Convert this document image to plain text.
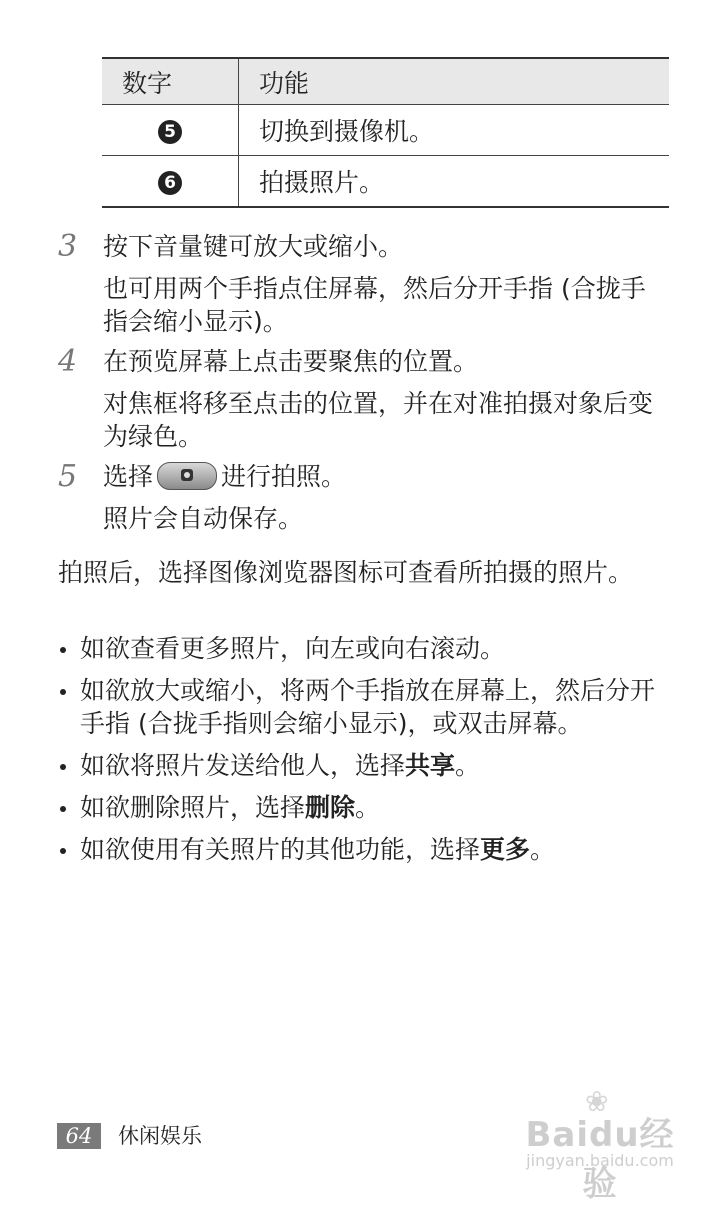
数字	功能
5	切换到摄像机。
6	拍摄照片。
3 按下音量键可放大或缩小。

也可用两个手指点住屏幕，然后分开手指 (合拢手指会缩小显示)。

4 在预览屏幕上点击要聚焦的位置。

对焦框将移至点击的位置，并在对准拍摄对象后变为绿色。

5 选择	进行拍照。

照片会自动保存。

拍照后，选择图像浏览器图标可查看所拍摄的照片。

如欲查看更多照片，向左或向右滚动。
如欲放大或缩小，将两个手指放在屏幕上，然后分开手指 (合拢手指则会缩小显示)，或双击屏幕。
如欲将照片发送给他人，选择共享。
如欲删除照片，选择删除。
如欲使用有关照片的其他功能，选择更多。
64	休闲娱乐
❀
Baidu经验
jingyan.baidu.com
